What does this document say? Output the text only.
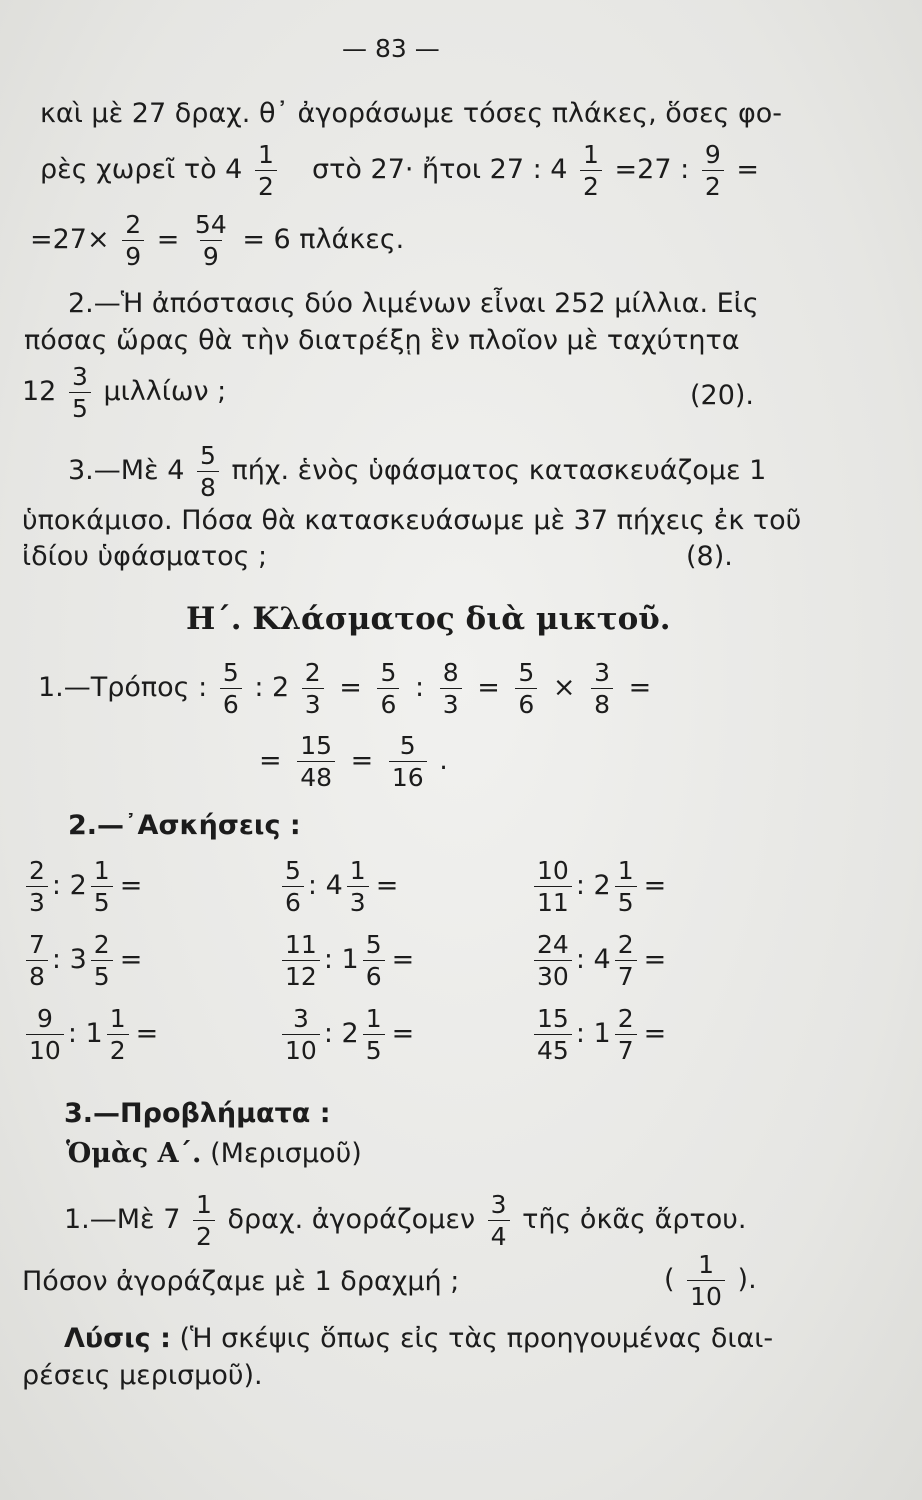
— 83 —
καὶ μὲ 27 δραχ. θ᾽ ἀγοράσωμε τόσες πλάκες, ὅσες φο-
ρὲς χωρεῖ τὸ $4 \frac{1}{2}$ στὸ 27· ἤτοι 27 : $4 \frac{1}{2} =27$ : $\frac{9}{2}$ =
$=27\times \frac{2}{9} = \frac{54}{9} = 6$ πλάκες.
2.—Ἡ ἀπόστασις δύο λιμένων εἶναι 252 μίλλια. Εἰς
πόσας ὥρας θὰ τὴν διατρέξῃ ἓν πλοῖον μὲ ταχύτητα
$12 \frac{3}{5}$ μιλλίων ;	(20).
3.—Μὲ $4 \frac{5}{8} \pi ή\chi$. ἑνὸς ὑφάσματος κατασκευάζομε 1
ὑποκάμισο. Πόσα θὰ κατασκευάσωμε μὲ 37 πήχεις ἐκ τοῦ
ἰδίου ὑφάσματος ;	(8).
Η΄. Κλάσματος διὰ μικτοῦ.
1.—Τρόπος : $\frac{5}{6}$ : $2 \frac{2}{3} = \frac{5}{6}$ : $\frac{8}{3} = \frac{5}{6} \times \frac{3}{8}$ =
= $\frac{15}{48} = \frac{5}{16}$ .
2.—᾽Ασκήσεις :
$\frac{2}{3}$ : $2 \frac{1}{5}$ =	$\frac{5}{6}$ : $4 \frac{1}{3}$ =	$\frac{10}{11}$ : $2 \frac{1}{5}$ =
$\frac{7}{8}$ : $3 \frac{2}{5}$ =	$\frac{11}{12}$ : $1 \frac{5}{6}$ =	$\frac{24}{30}$ : $4 \frac{2}{7}$ =
$\frac{9}{10}$ : $1 \frac{1}{2}$ =	$\frac{3}{10}$ : $2 \frac{1}{5}$ =	$\frac{15}{45}$ : $1 \frac{2}{7}$ =
3.—Προβλήματα :
Ὁμὰς Α΄. (Μερισμοῦ)
1.—Μὲ $7 \frac{1}{2} \delta\rho\alpha\chi$. ἀγοράζομεν $\frac{3}{4}$ τῆς ὀκᾶς ἄρτου.
Πόσον ἀγοράζαμε μὲ 1 δραχμή ;	( $\frac{1}{10}$ ).
Λύσις : (Ἡ σκέψις ὅπως εἰς τὰς προηγουμένας διαι-
ρέσεις μερισμοῦ).
